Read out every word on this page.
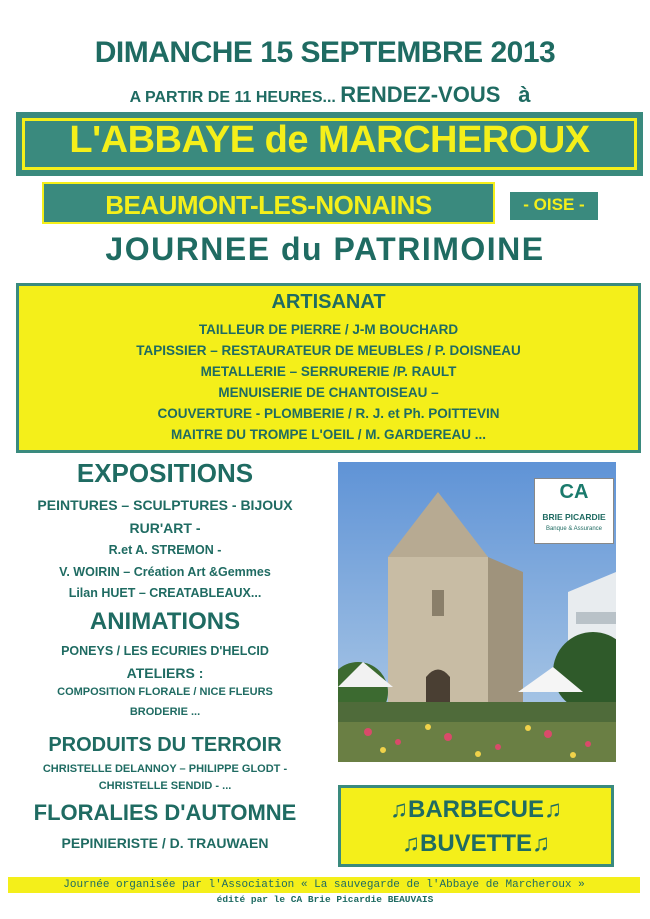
DIMANCHE 15 SEPTEMBRE 2013
A PARTIR DE 11 HEURES... RENDEZ-VOUS à
L'ABBAYE de MARCHEROUX
BEAUMONT-LES-NONAINS	- OISE -
JOURNEE du PATRIMOINE
ARTISANAT
TAILLEUR DE PIERRE / J-M BOUCHARD
TAPISSIER – RESTAURATEUR DE MEUBLES / P. DOISNEAU
METALLERIE – SERRURERIE /P. RAULT
MENUISERIE DE CHANTOISEAU –
COUVERTURE - PLOMBERIE / R. J. et Ph. POITTEVIN
MAITRE DU TROMPE L'OEIL / M. GARDEREAU ...
EXPOSITIONS
PEINTURES – SCULPTURES - BIJOUX
RUR'ART -
R.et A. STREMON -
V. WOIRIN – Création Art &Gemmes
Lilan HUET – CREATABLEAUX...
ANIMATIONS
PONEYS / LES ECURIES D'HELCID
ATELIERS :
COMPOSITION FLORALE / NICE FLEURS
BRODERIE ...
PRODUITS DU TERROIR
CHRISTELLE DELANNOY – PHILIPPE GLODT -
CHRISTELLE SENDID - ...
FLORALIES D'AUTOMNE
PEPINIERISTE / D. TRAUWAEN
CA
BRIE PICARDIE
Banque & Assurance
♫BARBECUE♫
♫BUVETTE♫
Journée organisée par l'Association « La sauvegarde de l'Abbaye de Marcheroux »
édité par le CA Brie Picardie BEAUVAIS
